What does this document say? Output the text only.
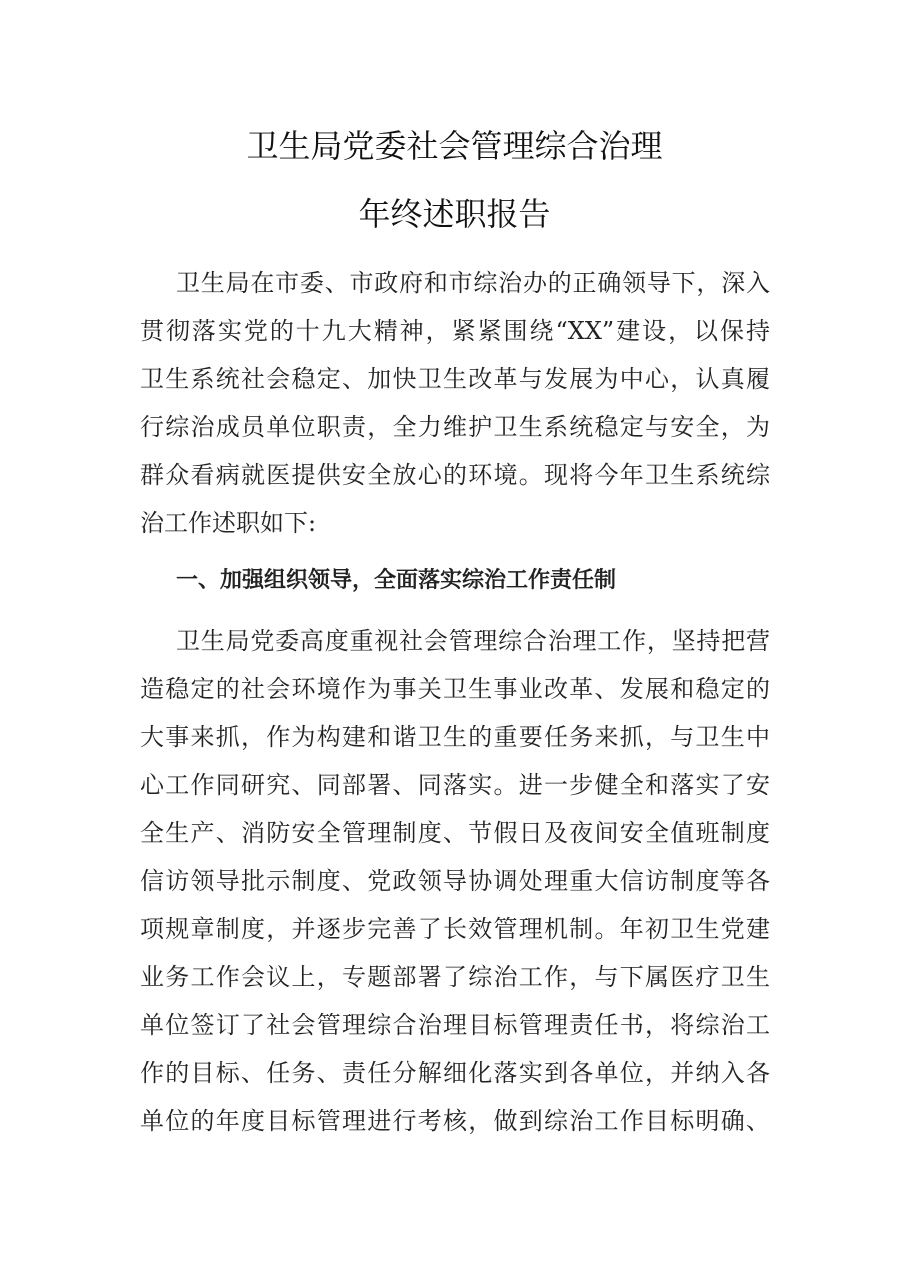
卫生局党委社会管理综合治理
年终述职报告
卫生局在市委、市政府和市综治办的正确领导下，深入
贯彻落实党的十九大精神，紧紧围绕“XX”建设，以保持
卫生系统社会稳定、加快卫生改革与发展为中心，认真履
行综治成员单位职责，全力维护卫生系统稳定与安全，为
群众看病就医提供安全放心的环境。现将今年卫生系统综
治工作述职如下:
一、加强组织领导，全面落实综治工作责任制
卫生局党委高度重视社会管理综合治理工作，坚持把营
造稳定的社会环境作为事关卫生事业改革、发展和稳定的
大事来抓，作为构建和谐卫生的重要任务来抓，与卫生中
心工作同研究、同部署、同落实。进一步健全和落实了安
全生产、消防安全管理制度、节假日及夜间安全值班制度
信访领导批示制度、党政领导协调处理重大信访制度等各
项规章制度，并逐步完善了长效管理机制。年初卫生党建
业务工作会议上，专题部署了综治工作，与下属医疗卫生
单位签订了社会管理综合治理目标管理责任书，将综治工
作的目标、任务、责任分解细化落实到各单位，并纳入各
单位的年度目标管理进行考核，做到综治工作目标明确、
